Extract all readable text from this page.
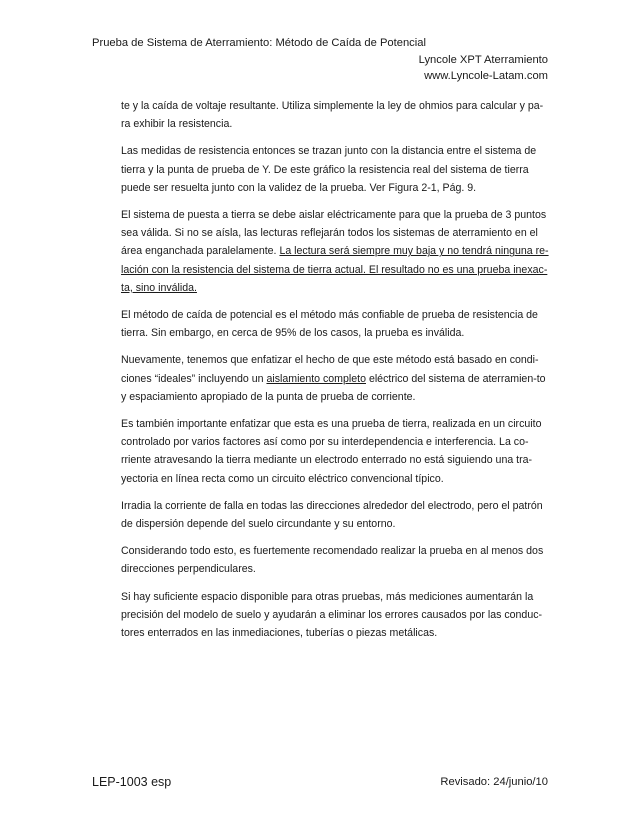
Prueba de Sistema de Aterramiento: Método de Caída de Potencial
Lyncole XPT Aterramiento
www.Lyncole-Latam.com

te y la caída de voltaje resultante. Utiliza simplemente la ley de ohmios para calcular y pa-ra exhibir la resistencia.

Las medidas de resistencia entonces se trazan junto con la distancia entre el sistema de tierra y la punta de prueba de Y. De este gráfico la resistencia real del sistema de tierra puede ser resuelta junto con la validez de la prueba. Ver Figura 2-1, Pág. 9.

El sistema de puesta a tierra se debe aislar eléctricamente para que la prueba de 3 puntos sea válida. Si no se aísla, las lecturas reflejarán todos los sistemas de aterramiento en el área enganchada paralelamente. La lectura será siempre muy baja y no tendrá ninguna re-lación con la resistencia del sistema de tierra actual. El resultado no es una prueba inexac-ta, sino inválida.

El método de caída de potencial es el método más confiable de prueba de resistencia de tierra. Sin embargo, en cerca de 95% de los casos, la prueba es inválida.

Nuevamente, tenemos que enfatizar el hecho de que este método está basado en condi-ciones “ideales” incluyendo un aislamiento completo eléctrico del sistema de aterramien-to y espaciamiento apropiado de la punta de prueba de corriente.

Es también importante enfatizar que esta es una prueba de tierra, realizada en un circuito controlado por varios factores así como por su interdependencia e interferencia. La co-rriente atravesando la tierra mediante un electrodo enterrado no está siguiendo una tra-yectoria en línea recta como un circuito eléctrico convencional típico.

Irradia la corriente de falla en todas las direcciones alrededor del electrodo, pero el patrón de dispersión depende del suelo circundante y su entorno.

Considerando todo esto, es fuertemente recomendado realizar la prueba en al menos dos direcciones perpendiculares.

Si hay suficiente espacio disponible para otras pruebas, más mediciones aumentarán la precisión del modelo de suelo y ayudarán a eliminar los errores causados por las conduc-tores enterrados en las inmediaciones, tuberías o piezas metálicas.

LEP-1003 esp	Revisado: 24/junio/10
